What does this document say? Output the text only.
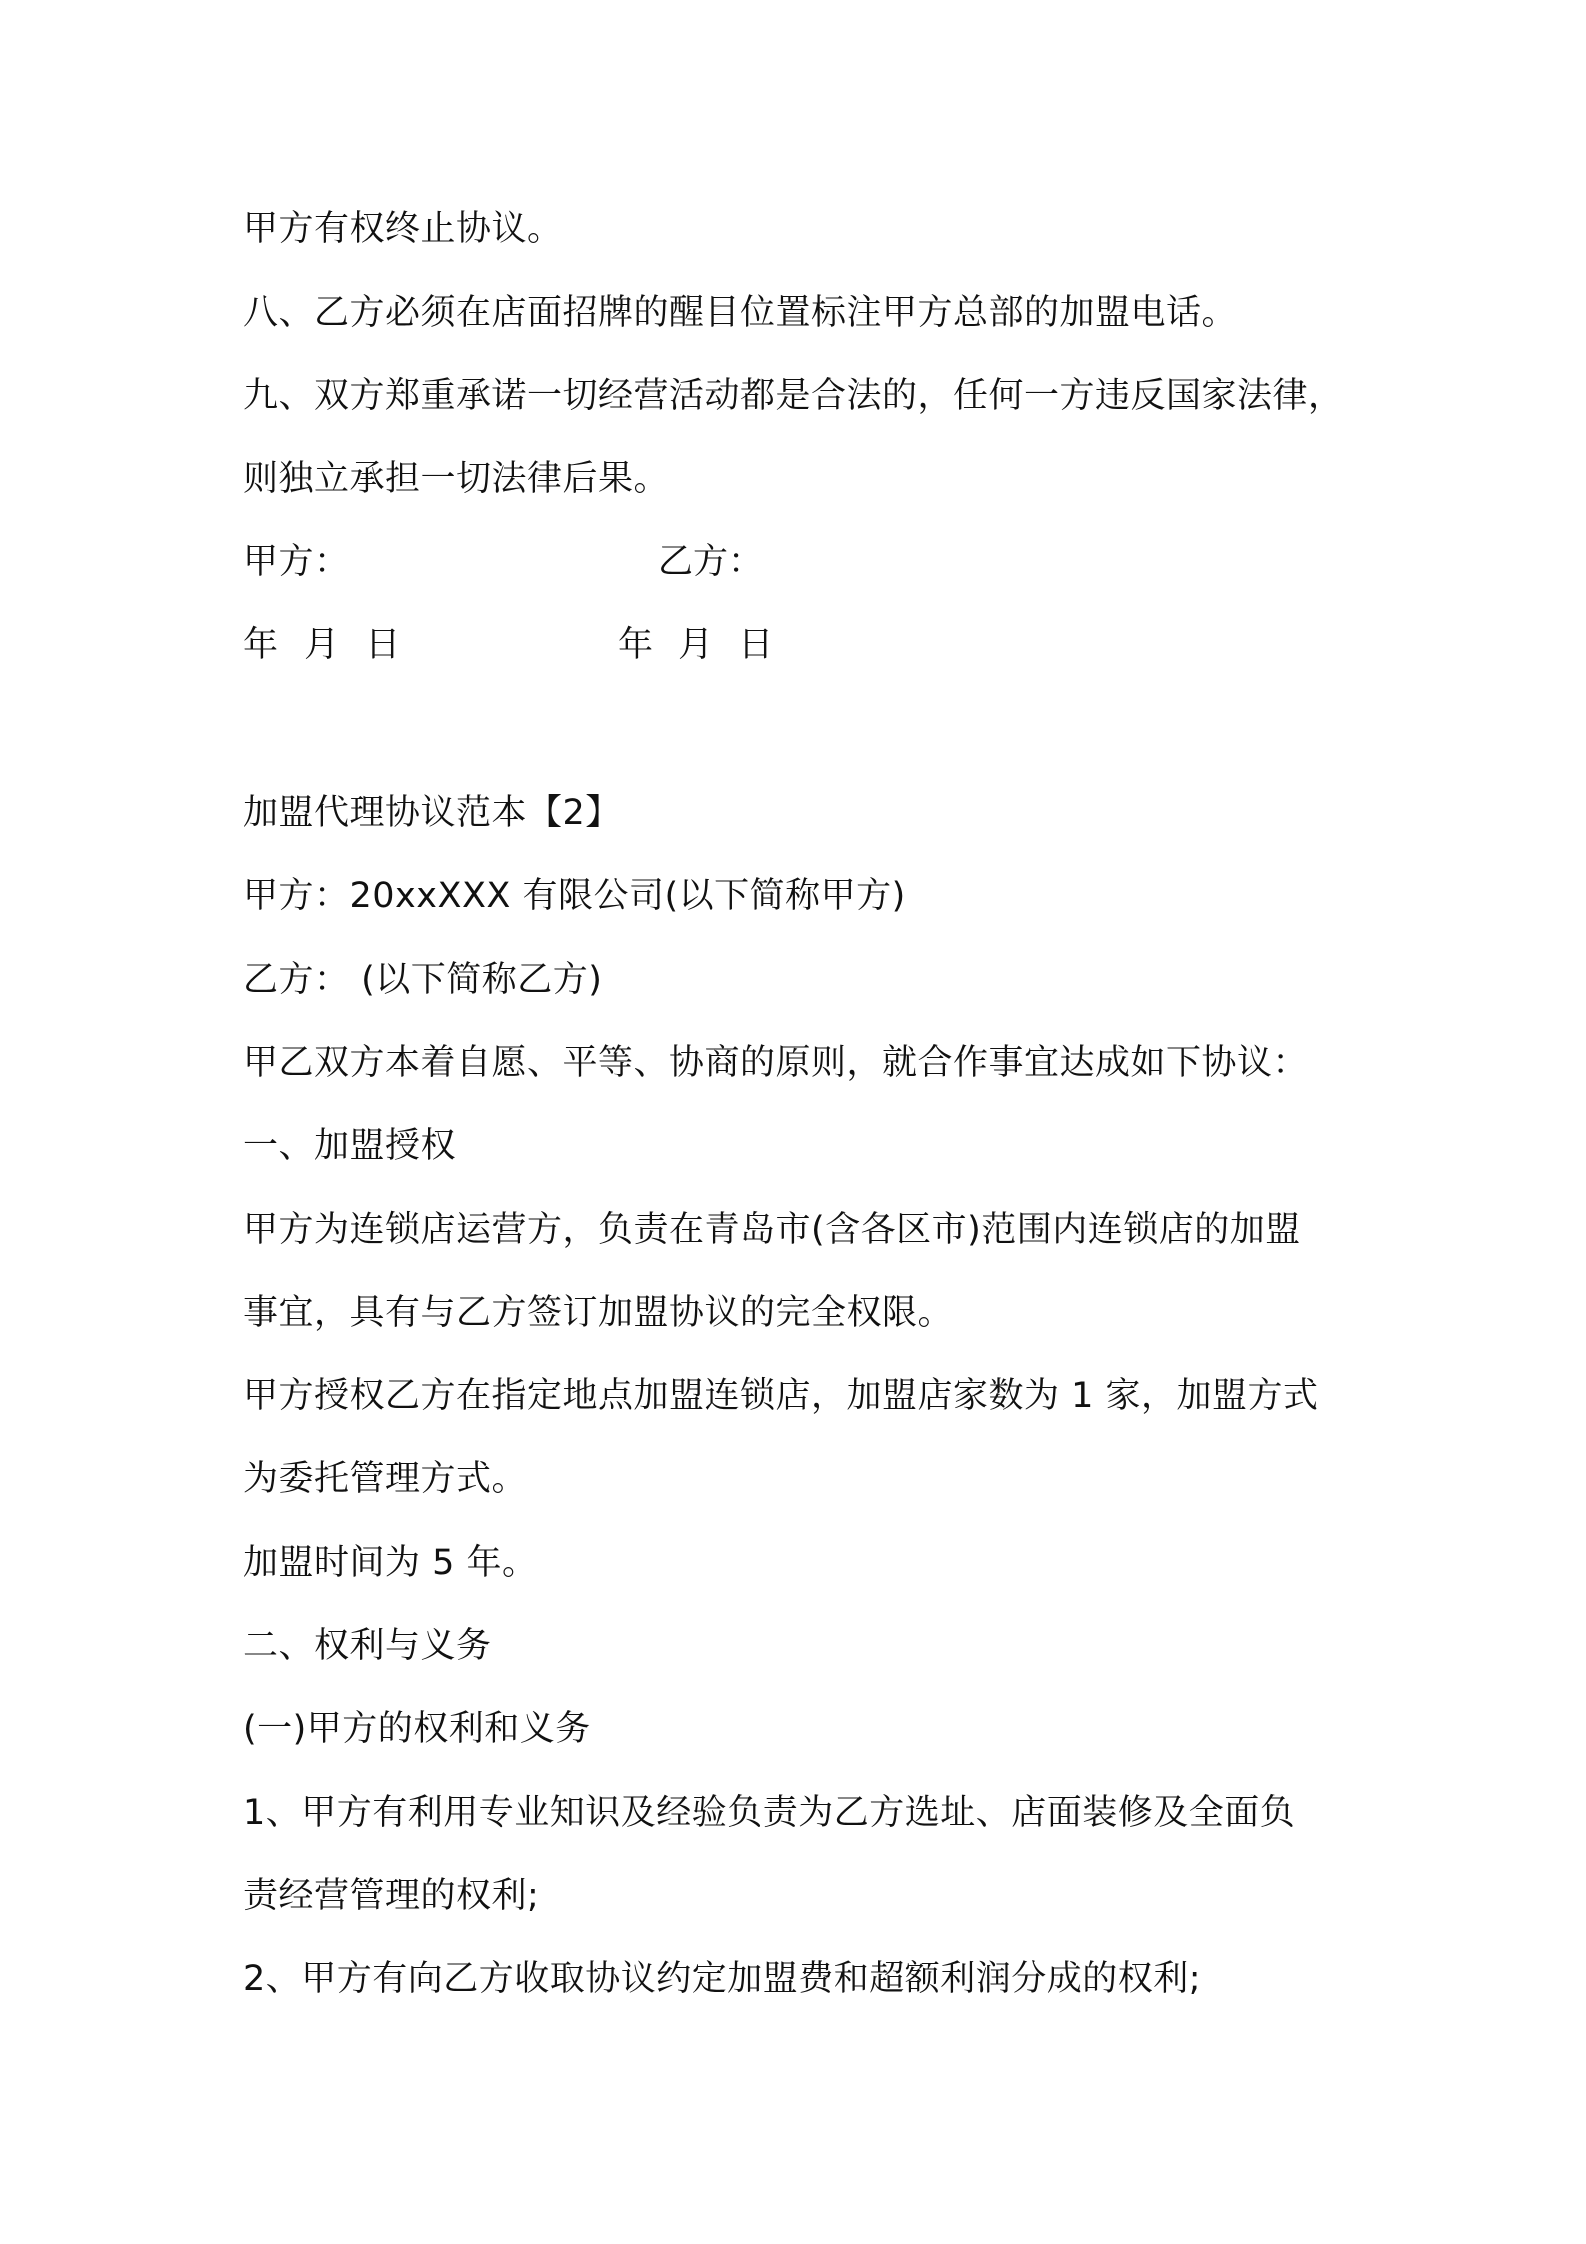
甲方有权终止协议。
八、乙方必须在店面招牌的醒目位置标注甲方总部的加盟电话。
九、双方郑重承诺一切经营活动都是合法的，任何一方违反国家法律，
则独立承担一切法律后果。
甲方：	乙方：
年 月 日	年 月 日
加盟代理协议范本【2】
甲方：20xxXXX 有限公司(以下简称甲方)
乙方： (以下简称乙方)
甲乙双方本着自愿、平等、协商的原则，就合作事宜达成如下协议：
一、加盟授权
甲方为连锁店运营方，负责在青岛市(含各区市)范围内连锁店的加盟
事宜，具有与乙方签订加盟协议的完全权限。
甲方授权乙方在指定地点加盟连锁店，加盟店家数为 1 家，加盟方式
为委托管理方式。
加盟时间为 5 年。
二、权利与义务
(一)甲方的权利和义务
1、甲方有利用专业知识及经验负责为乙方选址、店面装修及全面负
责经营管理的权利;
2、甲方有向乙方收取协议约定加盟费和超额利润分成的权利;
